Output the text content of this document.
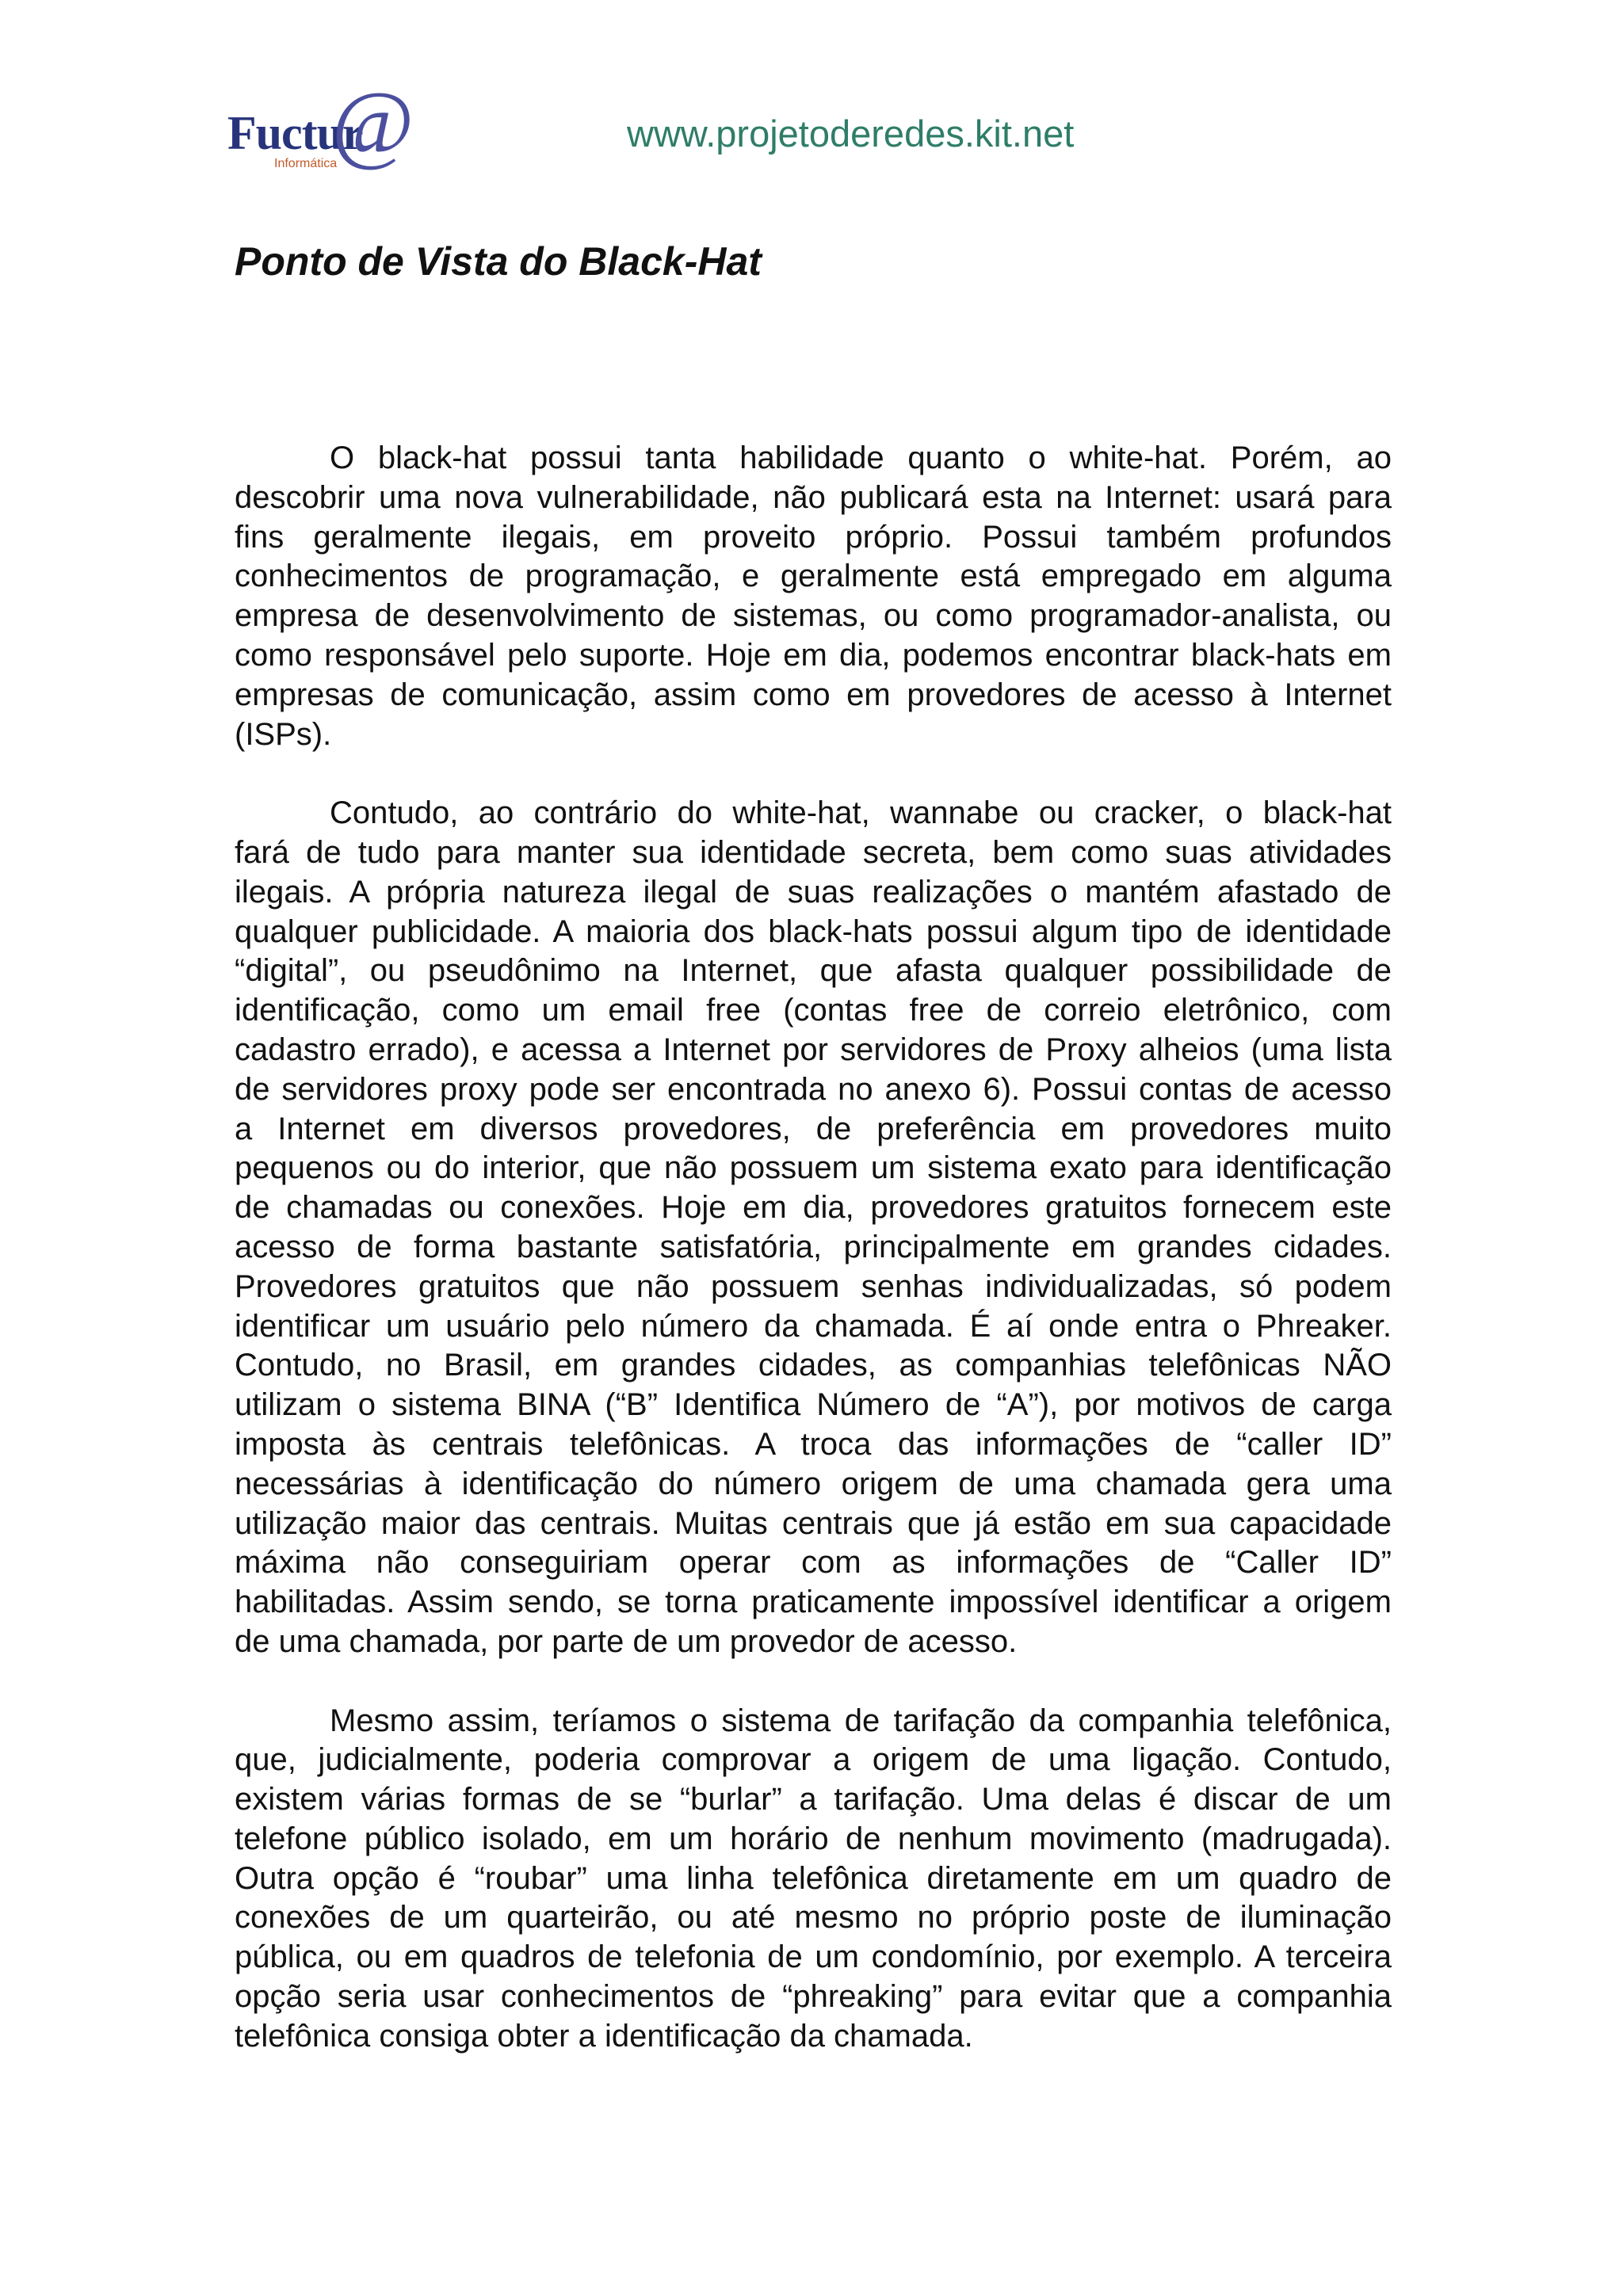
Fuctur
@
Informática
www.projetoderedes.kit.net
Ponto de Vista do Black-Hat
O black-hat possui tanta habilidade quanto o white-hat. Porém, ao
descobrir uma nova vulnerabilidade, não publicará esta na Internet: usará para
fins geralmente ilegais, em proveito próprio. Possui também profundos
conhecimentos de programação, e geralmente está empregado em alguma
empresa de desenvolvimento de sistemas, ou como programador-analista, ou
como responsável pelo suporte. Hoje em dia, podemos encontrar black-hats em
empresas de comunicação, assim como em provedores de acesso à Internet
(ISPs).
Contudo, ao contrário do white-hat, wannabe ou cracker, o black-hat
fará de tudo para manter sua identidade secreta, bem como suas atividades
ilegais. A própria natureza ilegal de suas realizações o mantém afastado de
qualquer publicidade. A maioria dos black-hats possui algum tipo de identidade
“digital”, ou pseudônimo na Internet, que afasta qualquer possibilidade de
identificação, como um email free (contas free de correio eletrônico, com
cadastro errado), e acessa a Internet por servidores de Proxy alheios (uma lista
de servidores proxy pode ser encontrada no anexo 6). Possui contas de acesso
a Internet em diversos provedores, de preferência em provedores muito
pequenos ou do interior, que não possuem um sistema exato para identificação
de chamadas ou conexões. Hoje em dia, provedores gratuitos fornecem este
acesso de forma bastante satisfatória, principalmente em grandes cidades.
Provedores gratuitos que não possuem senhas individualizadas, só podem
identificar um usuário pelo número da chamada. É aí onde entra o Phreaker.
Contudo, no Brasil, em grandes cidades, as companhias telefônicas NÃO
utilizam o sistema BINA (“B” Identifica Número de “A”), por motivos de carga
imposta às centrais telefônicas. A troca das informações de “caller ID”
necessárias à identificação do número origem de uma chamada gera uma
utilização maior das centrais. Muitas centrais que já estão em sua capacidade
máxima não conseguiriam operar com as informações de “Caller ID”
habilitadas. Assim sendo, se torna praticamente impossível identificar a origem
de uma chamada, por parte de um provedor de acesso.
Mesmo assim, teríamos o sistema de tarifação da companhia telefônica,
que, judicialmente, poderia comprovar a origem de uma ligação. Contudo,
existem várias formas de se “burlar” a tarifação. Uma delas é discar de um
telefone público isolado, em um horário de nenhum movimento (madrugada).
Outra opção é “roubar” uma linha telefônica diretamente em um quadro de
conexões de um quarteirão, ou até mesmo no próprio poste de iluminação
pública, ou em quadros de telefonia de um condomínio, por exemplo. A terceira
opção seria usar conhecimentos de “phreaking” para evitar que a companhia
telefônica consiga obter a identificação da chamada.
